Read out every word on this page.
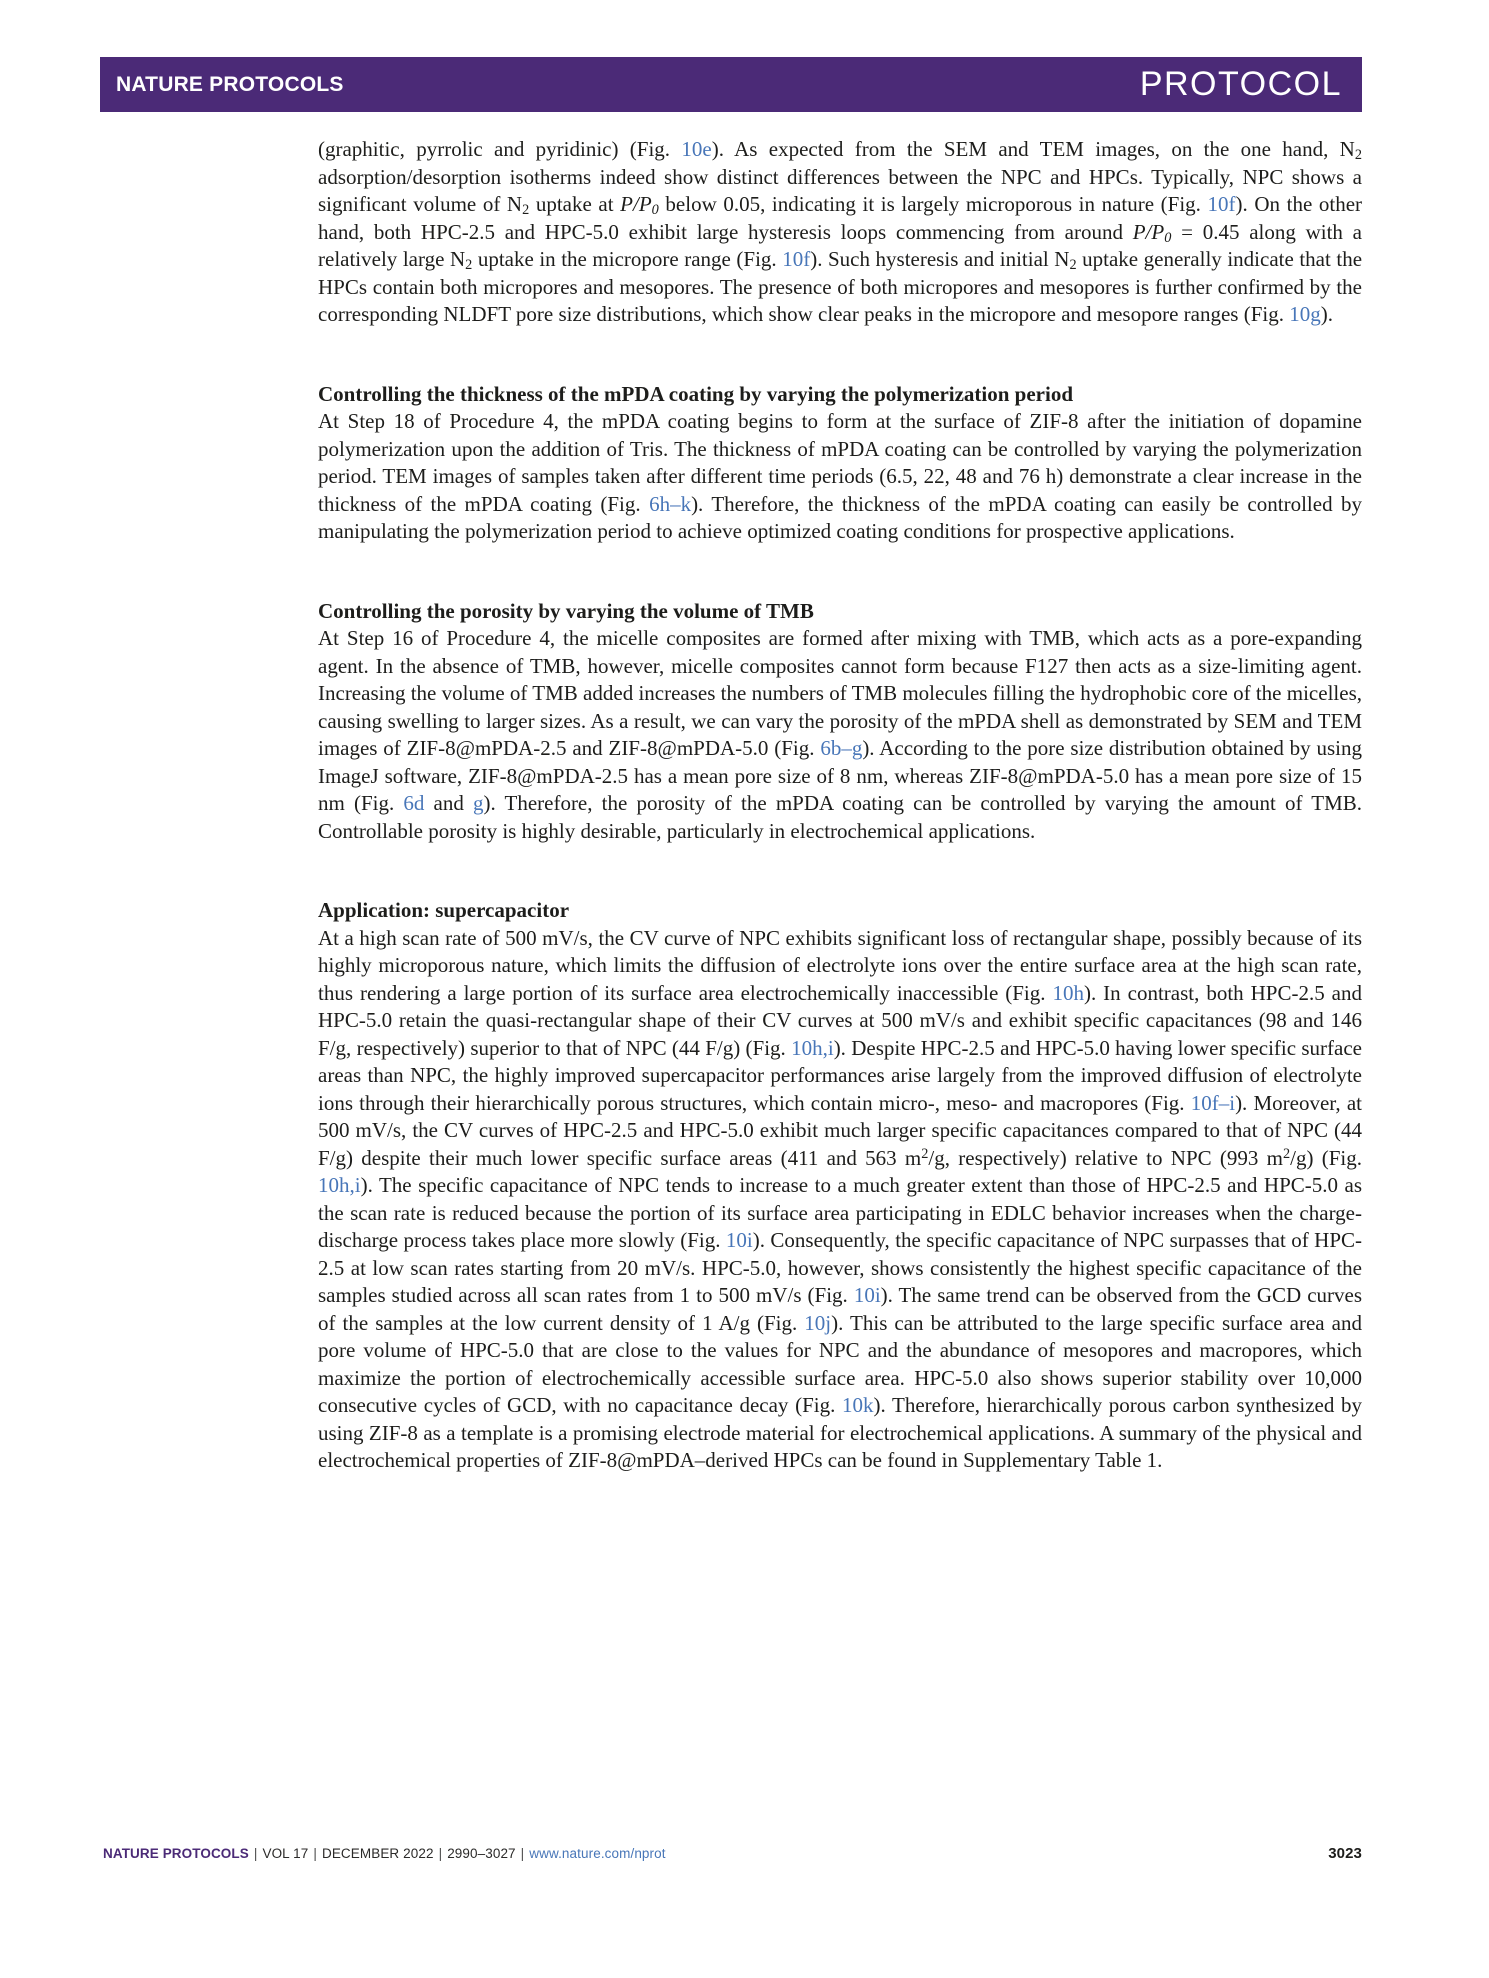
NATURE PROTOCOLS	PROTOCOL

(graphitic, pyrrolic and pyridinic) (Fig. 10e). As expected from the SEM and TEM images, on the one hand, N2 adsorption/desorption isotherms indeed show distinct differences between the NPC and HPCs. Typically, NPC shows a significant volume of N2 uptake at P/P0 below 0.05, indicating it is largely microporous in nature (Fig. 10f). On the other hand, both HPC-2.5 and HPC-5.0 exhibit large hysteresis loops commencing from around P/P0 = 0.45 along with a relatively large N2 uptake in the micropore range (Fig. 10f). Such hysteresis and initial N2 uptake generally indicate that the HPCs contain both micropores and mesopores. The presence of both micropores and mesopores is further confirmed by the corresponding NLDFT pore size distributions, which show clear peaks in the micropore and mesopore ranges (Fig. 10g).

Controlling the thickness of the mPDA coating by varying the polymerization period

At Step 18 of Procedure 4, the mPDA coating begins to form at the surface of ZIF-8 after the initiation of dopamine polymerization upon the addition of Tris. The thickness of mPDA coating can be controlled by varying the polymerization period. TEM images of samples taken after different time periods (6.5, 22, 48 and 76 h) demonstrate a clear increase in the thickness of the mPDA coating (Fig. 6h–k). Therefore, the thickness of the mPDA coating can easily be controlled by manipulating the polymerization period to achieve optimized coating conditions for prospective applications.

Controlling the porosity by varying the volume of TMB

At Step 16 of Procedure 4, the micelle composites are formed after mixing with TMB, which acts as a pore-expanding agent. In the absence of TMB, however, micelle composites cannot form because F127 then acts as a size-limiting agent. Increasing the volume of TMB added increases the numbers of TMB molecules filling the hydrophobic core of the micelles, causing swelling to larger sizes. As a result, we can vary the porosity of the mPDA shell as demonstrated by SEM and TEM images of ZIF-8@mPDA-2.5 and ZIF-8@mPDA-5.0 (Fig. 6b–g). According to the pore size distribution obtained by using ImageJ software, ZIF-8@mPDA-2.5 has a mean pore size of 8 nm, whereas ZIF-8@mPDA-5.0 has a mean pore size of 15 nm (Fig. 6d and g). Therefore, the porosity of the mPDA coating can be controlled by varying the amount of TMB. Controllable porosity is highly desirable, particularly in electrochemical applications.

Application: supercapacitor

At a high scan rate of 500 mV/s, the CV curve of NPC exhibits significant loss of rectangular shape, possibly because of its highly microporous nature, which limits the diffusion of electrolyte ions over the entire surface area at the high scan rate, thus rendering a large portion of its surface area electrochemically inaccessible (Fig. 10h). In contrast, both HPC-2.5 and HPC-5.0 retain the quasi-rectangular shape of their CV curves at 500 mV/s and exhibit specific capacitances (98 and 146 F/g, respectively) superior to that of NPC (44 F/g) (Fig. 10h,i). Despite HPC-2.5 and HPC-5.0 having lower specific surface areas than NPC, the highly improved supercapacitor performances arise largely from the improved diffusion of electrolyte ions through their hierarchically porous structures, which contain micro-, meso- and macropores (Fig. 10f–i). Moreover, at 500 mV/s, the CV curves of HPC-2.5 and HPC-5.0 exhibit much larger specific capacitances compared to that of NPC (44 F/g) despite their much lower specific surface areas (411 and 563 $m^2/g$, respectively) relative to NPC (993 $m^2/g$) (Fig. 10h,i). The specific capacitance of NPC tends to increase to a much greater extent than those of HPC-2.5 and HPC-5.0 as the scan rate is reduced because the portion of its surface area participating in EDLC behavior increases when the charge-discharge process takes place more slowly (Fig. 10i). Consequently, the specific capacitance of NPC surpasses that of HPC-2.5 at low scan rates starting from 20 mV/s. HPC-5.0, however, shows consistently the highest specific capacitance of the samples studied across all scan rates from 1 to 500 mV/s (Fig. 10i). The same trend can be observed from the GCD curves of the samples at the low current density of 1 A/g (Fig. 10j). This can be attributed to the large specific surface area and pore volume of HPC-5.0 that are close to the values for NPC and the abundance of mesopores and macropores, which maximize the portion of electrochemically accessible surface area. HPC-5.0 also shows superior stability over 10,000 consecutive cycles of GCD, with no capacitance decay (Fig. 10k). Therefore, hierarchically porous carbon synthesized by using ZIF-8 as a template is a promising electrode material for electrochemical applications. A summary of the physical and electrochemical properties of ZIF-8@mPDA–derived HPCs can be found in Supplementary Table 1.

NATURE PROTOCOLS | VOL 17 | DECEMBER 2022 | 2990–3027 | www.nature.com/nprot	3023
